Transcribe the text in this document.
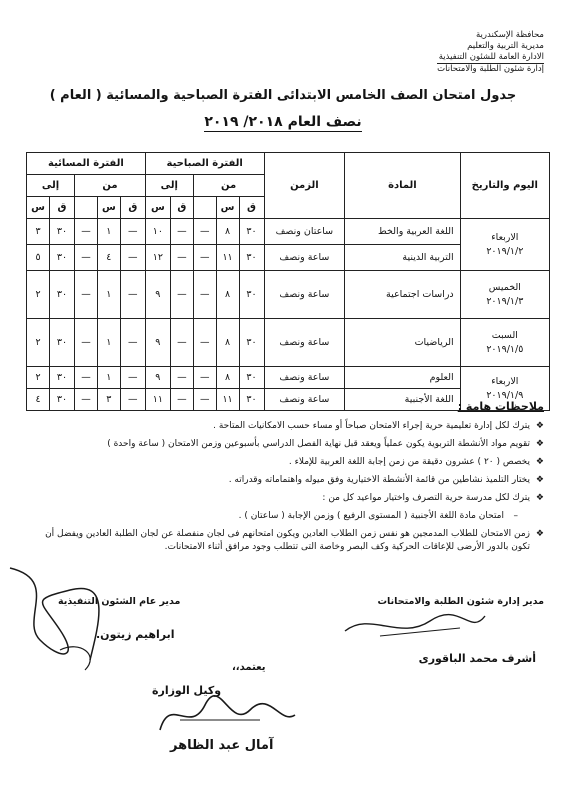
محافظة الإسكندرية
مديرية التربية والتعليم
الادارة العامة للشئون التنفيذية
إدارة شئون الطلبة والامتحانات
جدول امتحان الصف الخامس الابتدائى الفترة الصباحية والمسائية ( العام )
نصف العام ٢٠١٨/ ٢٠١٩
اليوم والتاريخ	المادة	الزمن	الفترة الصباحية					الفترة المسائية				
			من			إلى		من			إلى	
			ق	س		ق	س	ق	س		ق	س

الاربعاء
٢٠١٩/١/٢	اللغة العربية والخط	ساعتان ونصف	٣٠	٨	—	—	١٠	—	١	—	٣٠	٣
	التربية الدينية	ساعة ونصف	٣٠	١١	—	—	١٢	—	٤	—	٣٠	٥

الخميس
٢٠١٩/١/٣	دراسات اجتماعية	ساعة ونصف	٣٠	٨	—	—	٩	—	١	—	٣٠	٢

السبت
٢٠١٩/١/٥	الرياضيات	ساعة ونصف	٣٠	٨	—	—	٩	—	١	—	٣٠	٢

الاربعاء
٢٠١٩/١/٩	العلوم	ساعة ونصف	٣٠	٨	—	—	٩	—	١	—	٣٠	٢
	اللغة الأجنبية	ساعة ونصف	٣٠	١١	—	—	١١	—	٣	—	٣٠	٤
ملاحظات هامة :
❖
يترك لكل إدارة تعليمية حرية إجراء الامتحان صباحاً أو مساء حسب الامكانيات المتاحة .
❖
تقويم مواد الأنشطة التربوية يكون عملياً ويعقد قبل نهاية الفصل الدراسي بأسبوعين وزمن الامتحان ( ساعة واحدة )
❖
يخصص ( ٢٠ ) عشرون دقيقة من زمن إجابة اللغة العربية للإملاء .
❖
يختار التلميذ نشاطين من قائمة الأنشطة الاختيارية وفق ميوله واهتماماته وقدراته .
❖
يترك لكل مدرسة حرية التصرف واختيار مواعيد كل من :
–
امتحان مادة اللغة الأجنبية ( المستوى الرفيع ) وزمن الإجابة ( ساعتان ) .
❖
زمن الامتحان للطلاب المدمجين هو نفس زمن الطلاب العادين ويكون امتحانهم فى لجان منفصلة عن لجان الطلبة العادين ويفضل أن تكون بالدور الأرضى للإعاقات الحركية وكف البصر وخاصة التى تتطلب وجود مرافق أثناء الامتحانات.
مدير إدارة شئون الطلبة والامتحانات
أشرف محمد الباقورى
مدير عام الشئون التنفيذية
ابراهيم زيتون.
يعتمد،،
وكيل الوزارة
آمال عبد الظاهر
